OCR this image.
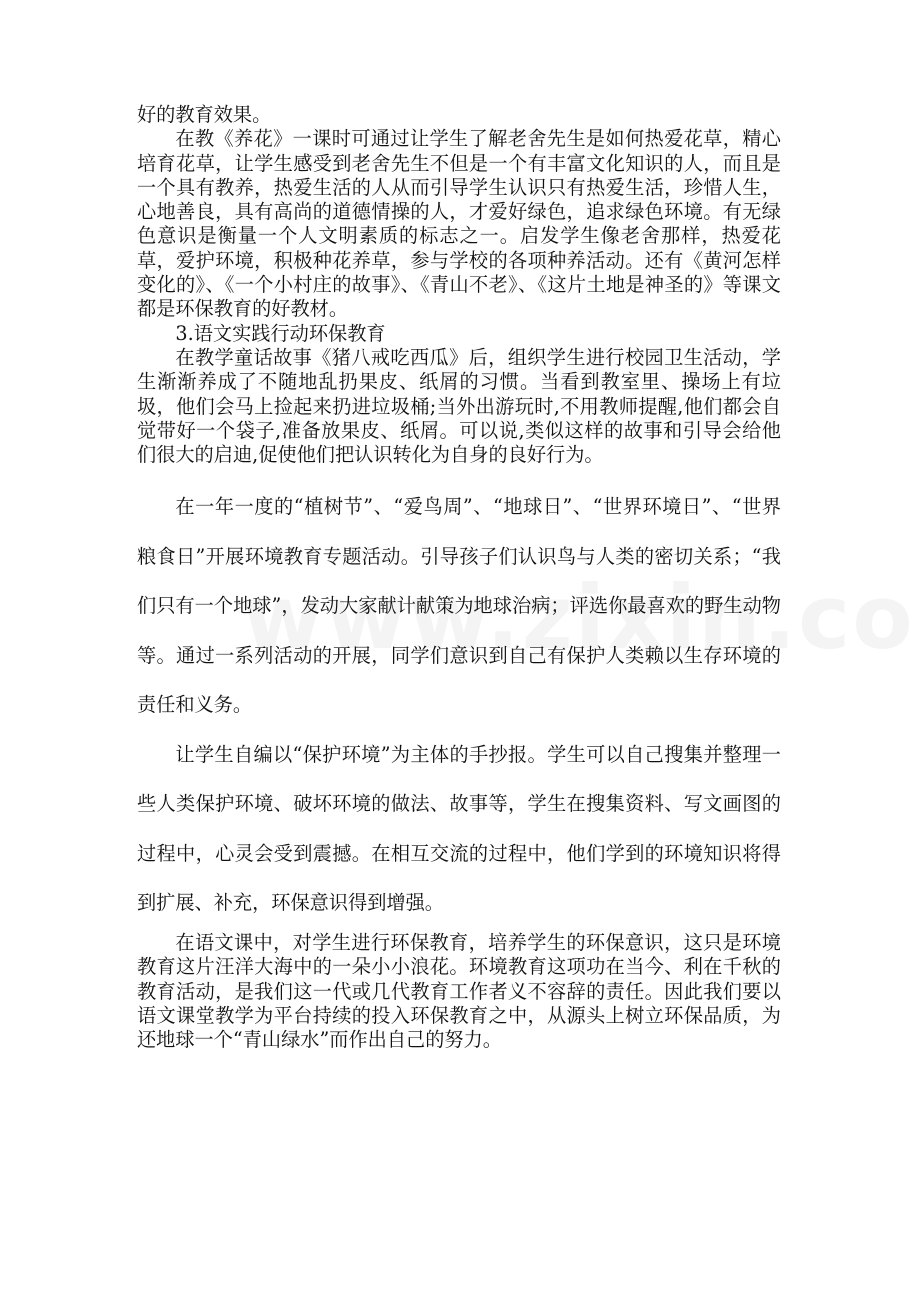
好的教育效果。

在教《养花》一课时可通过让学生了解老舍先生是如何热爱花草，精心培育花草，让学生感受到老舍先生不但是一个有丰富文化知识的人，而且是一个具有教养，热爱生活的人从而引导学生认识只有热爱生活，珍惜人生，心地善良，具有高尚的道德情操的人，才爱好绿色，追求绿色环境。有无绿色意识是衡量一个人文明素质的标志之一。启发学生像老舍那样，热爱花草，爱护环境，积极种花养草，参与学校的各项种养活动。还有《黄河怎样变化的》、《一个小村庄的故事》、《青山不老》、《这片土地是神圣的》等课文都是环保教育的好教材。

3.语文实践行动环保教育

在教学童话故事《猪八戒吃西瓜》后，组织学生进行校园卫生活动，学生渐渐养成了不随地乱扔果皮、纸屑的习惯。当看到教室里、操场上有垃圾，他们会马上捡起来扔进垃圾桶;当外出游玩时,不用教师提醒,他们都会自觉带好一个袋子,准备放果皮、纸屑。可以说,类似这样的故事和引导会给他们很大的启迪,促使他们把认识转化为自身的良好行为。

在一年一度的“植树节”、“爱鸟周”、“地球日”、“世界环境日”、“世界粮食日”开展环境教育专题活动。引导孩子们认识鸟与人类的密切关系；“我们只有一个地球”，发动大家献计献策为地球治病；评选你最喜欢的野生动物等。通过一系列活动的开展，同学们意识到自己有保护人类赖以生存环境的责任和义务。

让学生自编以“保护环境”为主体的手抄报。学生可以自己搜集并整理一些人类保护环境、破坏环境的做法、故事等，学生在搜集资料、写文画图的过程中，心灵会受到震撼。在相互交流的过程中，他们学到的环境知识将得到扩展、补充，环保意识得到增强。

在语文课中，对学生进行环保教育，培养学生的环保意识，这只是环境教育这片汪洋大海中的一朵小小浪花。环境教育这项功在当今、利在千秋的教育活动，是我们这一代或几代教育工作者义不容辞的责任。因此我们要以语文课堂教学为平台持续的投入环保教育之中，从源头上树立环保品质，为还地球一个“青山绿水”而作出自己的努力。
